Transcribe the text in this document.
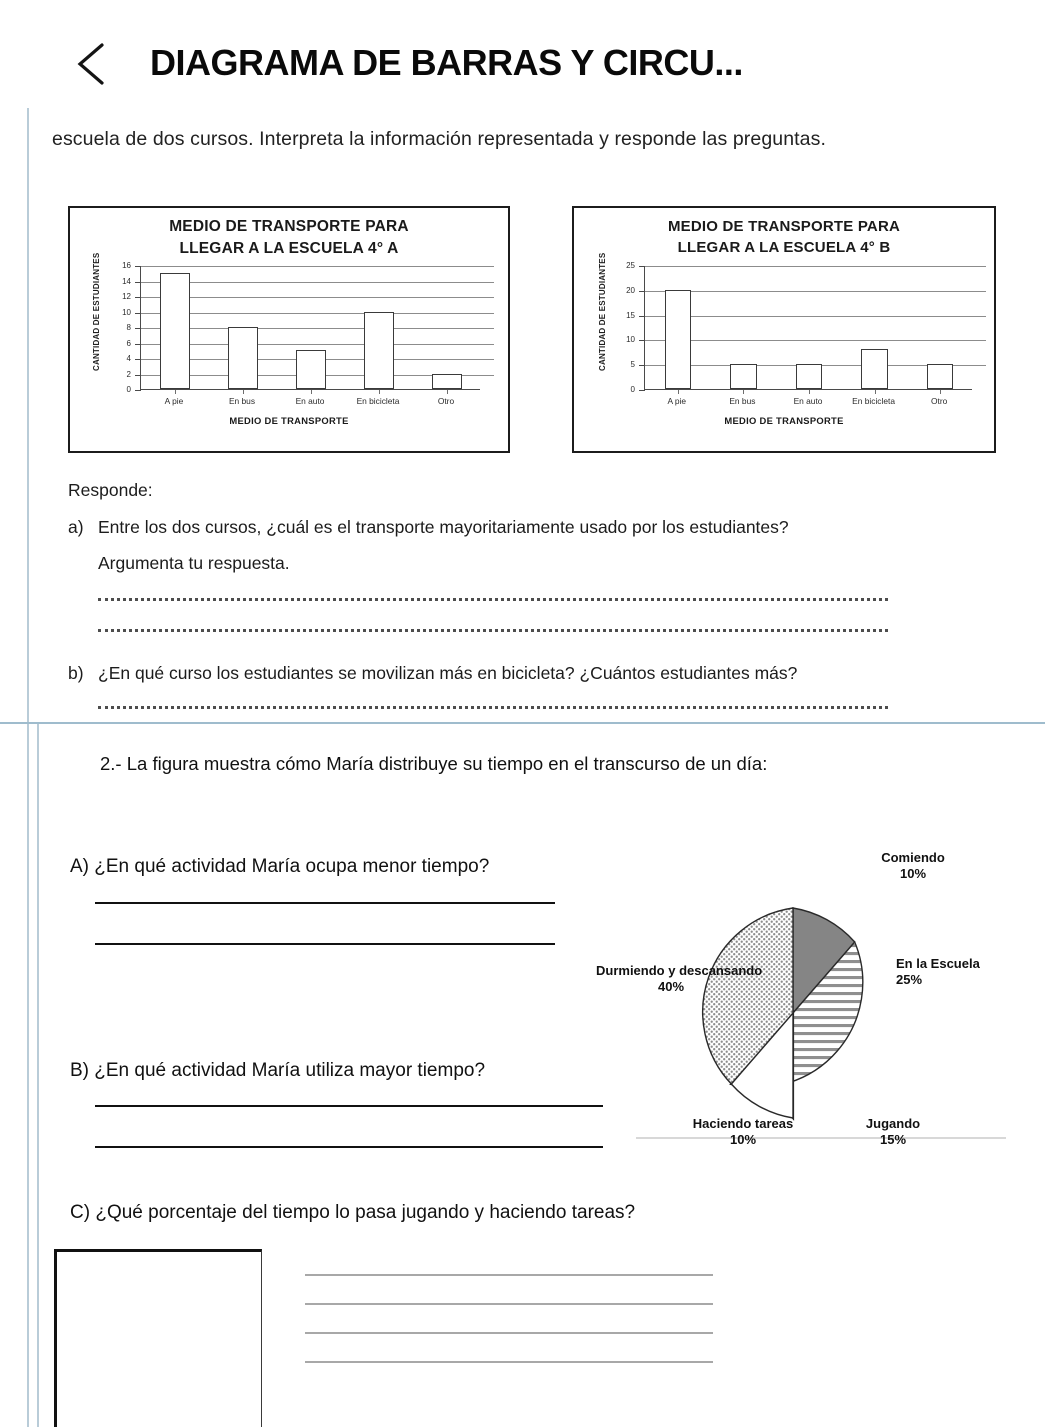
DIAGRAMA DE BARRAS Y CIRCU...
escuela de dos cursos. Interpreta la información representada y responde las preguntas.
MEDIO DE TRANSPORTE PARA
LLEGAR A LA ESCUELA 4° A
CANTIDAD DE ESTUDIANTES
0
2
4
6
8
10
12
14
16
A pie	En bus	En auto	En bicicleta	Otro
MEDIO DE TRANSPORTE
MEDIO DE TRANSPORTE PARA
LLEGAR A LA ESCUELA 4° B
CANTIDAD DE ESTUDIANTES
0
5
10
15
20
25
A pie	En bus	En auto	En bicicleta	Otro
MEDIO DE TRANSPORTE
Responde:
a) Entre los dos cursos, ¿cuál es el transporte mayoritariamente usado por los estudiantes?
Argumenta tu respuesta.
b) ¿En qué curso los estudiantes se movilizan más en bicicleta? ¿Cuántos estudiantes más?
2.- La figura muestra cómo María distribuye su tiempo en el transcurso de un día:
A) ¿En qué actividad María ocupa menor tiempo?
B) ¿En qué actividad María utiliza mayor tiempo?
C) ¿Qué porcentaje del tiempo lo pasa jugando y haciendo tareas?
Comiendo
10%
En la Escuela
25%
Jugando
15%
Haciendo tareas
10%
Durmiendo y descansando
40%
